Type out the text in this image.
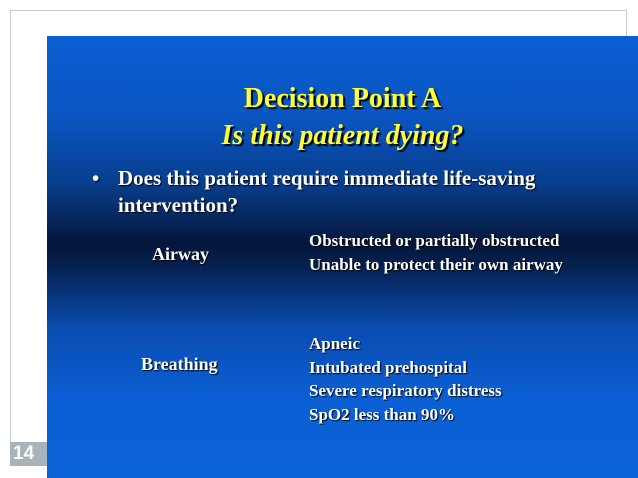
Decision Point A
Is this patient dying?
• Does this patient require immediate life-saving intervention?
Airway
Obstructed or partially obstructed
Unable to protect their own airway
Breathing
Apneic
Intubated prehospital
Severe respiratory distress
SpO2 less than 90%
14
